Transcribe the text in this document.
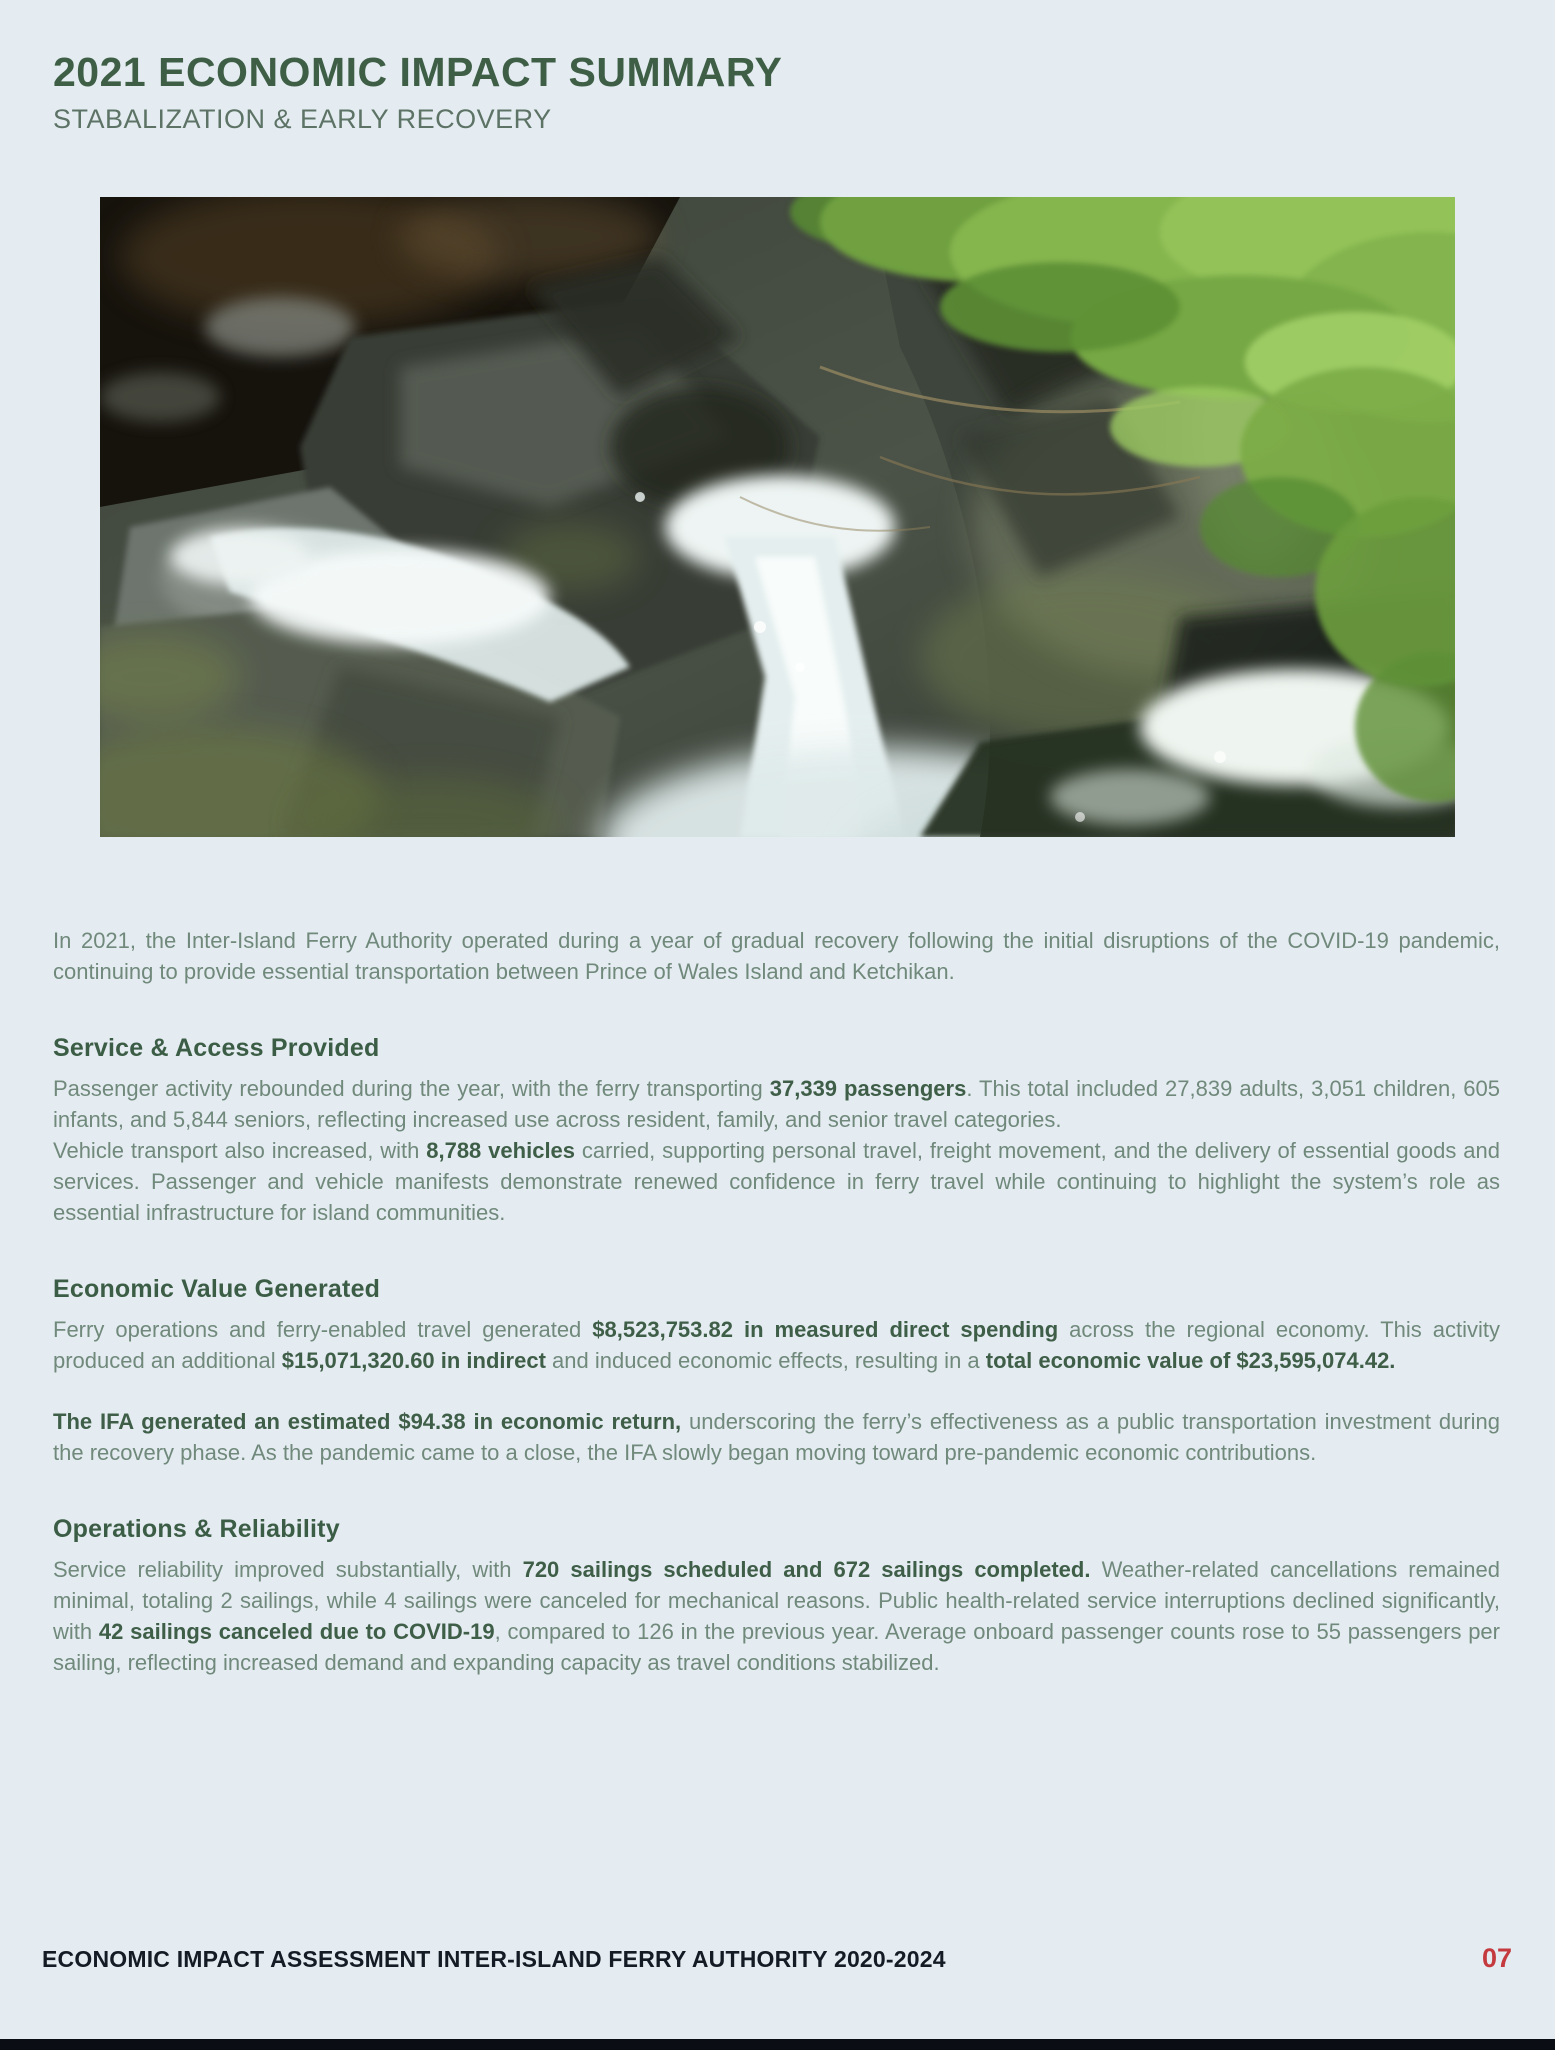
2021 ECONOMIC IMPACT SUMMARY
STABALIZATION & EARLY RECOVERY

In 2021, the Inter-Island Ferry Authority operated during a year of gradual recovery following the initial disruptions of the COVID-19 pandemic, continuing to provide essential transportation between Prince of Wales Island and Ketchikan.

Service & Access Provided

Passenger activity rebounded during the year, with the ferry transporting 37,339 passengers. This total included 27,839 adults, 3,051 children, 605 infants, and 5,844 seniors, reflecting increased use across resident, family, and senior travel categories.

Vehicle transport also increased, with 8,788 vehicles carried, supporting personal travel, freight movement, and the delivery of essential goods and services. Passenger and vehicle manifests demonstrate renewed confidence in ferry travel while continuing to highlight the system’s role as essential infrastructure for island communities.

Economic Value Generated

Ferry operations and ferry-enabled travel generated $8,523,753.82 in measured direct spending across the regional economy. This activity produced an additional $15,071,320.60 in indirect and induced economic effects, resulting in a total economic value of $23,595,074.42.

The IFA generated an estimated $94.38 in economic return, underscoring the ferry’s effectiveness as a public transportation investment during the recovery phase. As the pandemic came to a close, the IFA slowly began moving toward pre-pandemic economic contributions.

Operations & Reliability

Service reliability improved substantially, with 720 sailings scheduled and 672 sailings completed. Weather-related cancellations remained minimal, totaling 2 sailings, while 4 sailings were canceled for mechanical reasons. Public health-related service interruptions declined significantly, with 42 sailings canceled due to COVID-19, compared to 126 in the previous year. Average onboard passenger counts rose to 55 passengers per sailing, reflecting increased demand and expanding capacity as travel conditions stabilized.

ECONOMIC IMPACT ASSESSMENT INTER-ISLAND FERRY AUTHORITY 2020-2024	07
